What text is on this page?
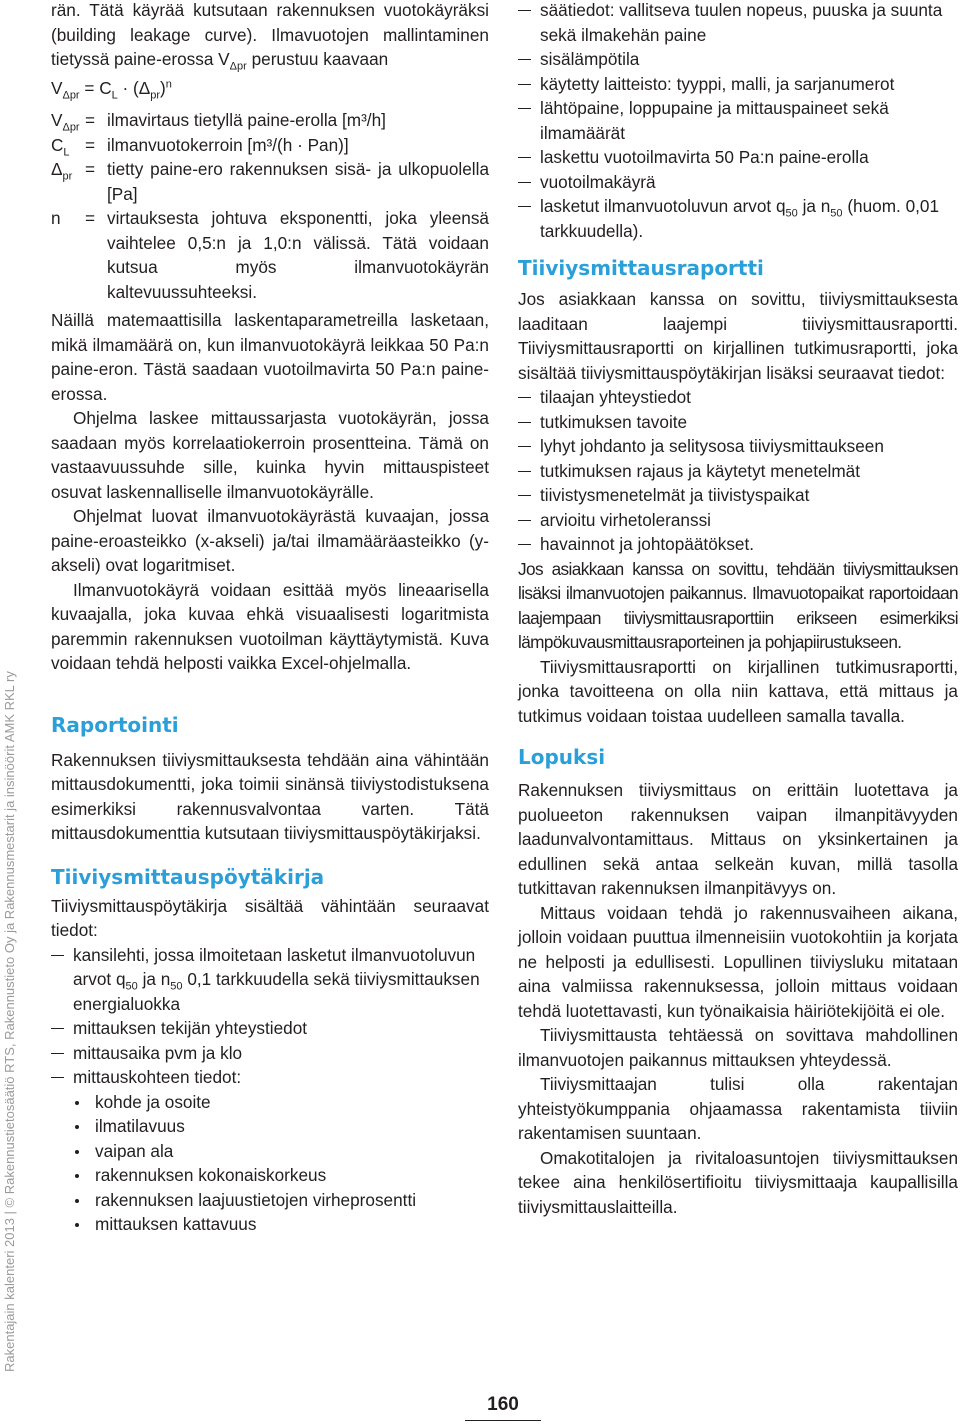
Rakentajain kalenteri 2013 | © Rakennustietosäätiö RTS, Rakennustieto Oy ja Rakennusmestarit ja insinöörit AMK RKL ry

rän. Tätä käyrää kutsutaan rakennuksen vuotokäyräksi (building leakage curve). Ilmavuotojen mallintaminen tietyssä paine-erossa $V_{\Delta pr}$ perustuu kaavaan

$V_{\Delta pr} = C_L \cdot (\Delta_{pr})^n$
$V_{\Delta pr}$	=	ilmavirtaus tietyllä paine-erolla [m³/h]
$C_L$	=	ilmanvuotokerroin [m³/(h · Pan)]
$\Delta_{pr}$	=	tietty paine-ero rakennuksen sisä- ja ulkopuolella [Pa]
n	=	virtauksesta johtuva eksponentti, joka yleensä vaihtelee 0,5:n ja 1,0:n välissä. Tätä voidaan kutsua myös ilmanvuotokäyrän kaltevuussuhteeksi.

Näillä matemaattisilla laskentaparametreilla lasketaan, mikä ilmamäärä on, kun ilmanvuotokäyrä leikkaa 50 Pa:n paine-eron. Tästä saadaan vuotoilmavirta 50 Pa:n paine-erossa.

Ohjelma laskee mittaussarjasta vuotokäyrän, jossa saadaan myös korrelaatiokerroin prosentteina. Tämä on vastaavuussuhde sille, kuinka hyvin mittauspisteet osuvat laskennalliselle ilmanvuotokäyrälle.

Ohjelmat luovat ilmanvuotokäyrästä kuvaajan, jossa paine-eroasteikko (x-akseli) ja/tai ilmamääräasteikko (y-akseli) ovat logaritmiset.

Ilmanvuotokäyrä voidaan esittää myös lineaarisella kuvaajalla, joka kuvaa ehkä visuaalisesti logaritmista paremmin rakennuksen vuotoilman käyttäytymistä. Kuva voidaan tehdä helposti vaikka Excel-ohjelmalla.

Raportointi

Rakennuksen tiiviysmittauksesta tehdään aina vähintään mittausdokumentti, joka toimii sinänsä tiiviystodistuksena esimerkiksi rakennusvalvontaa varten. Tätä mittausdokumenttia kutsutaan tiiviysmittauspöytäkirjaksi.

Tiiviysmittauspöytäkirja

Tiiviysmittauspöytäkirja sisältää vähintään seuraavat tiedot:

kansilehti, jossa ilmoitetaan lasketut ilmanvuotoluvun arvot $q_{50}$ ja $n_{50}$ 0,1 tarkkuudella sekä tiiviysmittauksen energialuokka
mittauksen tekijän yhteystiedot
mittausaika pvm ja klo
mittauskohteen tiedot:
kohde ja osoite
ilmatilavuus
vaipan ala
rakennuksen kokonaiskorkeus
rakennuksen laajuustietojen virheprosentti
mittauksen kattavuus
säätiedot: vallitseva tuulen nopeus, puuska ja suunta sekä ilmakehän paine
sisälämpötila
käytetty laitteisto: tyyppi, malli, ja sarjanumerot
lähtöpaine, loppupaine ja mittauspaineet sekä ilmamäärät
laskettu vuotoilmavirta 50 Pa:n paine-erolla
vuotoilmakäyrä
lasketut ilmanvuotoluvun arvot $q_{50}$ ja $n_{50}$ (huom. 0,01 tarkkuudella).
Tiiviysmittausraportti

Jos asiakkaan kanssa on sovittu, tiiviysmittauksesta laaditaan laajempi tiiviysmittausraportti. Tiiviysmittausraportti on kirjallinen tutkimusraportti, joka sisältää tiiviysmittauspöytäkirjan lisäksi seuraavat tiedot:

tilaajan yhteystiedot
tutkimuksen tavoite
lyhyt johdanto ja selitysosa tiiviysmittaukseen
tutkimuksen rajaus ja käytetyt menetelmät
tiivistysmenetelmät ja tiivistyspaikat
arvioitu virhetoleranssi
havainnot ja johtopäätökset.

Jos asiakkaan kanssa on sovittu, tehdään tiiviysmittauksen lisäksi ilmanvuotojen paikannus. Ilmavuotopaikat raportoidaan laajempaan tiiviysmittausraporttiin erikseen esimerkiksi lämpökuvausmittausraporteinen ja pohjapiirustukseen.

Tiiviysmittausraportti on kirjallinen tutkimusraportti, jonka tavoitteena on olla niin kattava, että mittaus ja tutkimus voidaan toistaa uudelleen samalla tavalla.

Lopuksi

Rakennuksen tiiviysmittaus on erittäin luotettava ja puolueeton rakennuksen vaipan ilmanpitävyyden laadunvalvontamittaus. Mittaus on yksinkertainen ja edullinen sekä antaa selkeän kuvan, millä tasolla tutkittavan rakennuksen ilmanpitävyys on.

Mittaus voidaan tehdä jo rakennusvaiheen aikana, jolloin voidaan puuttua ilmenneisiin vuotokohtiin ja korjata ne helposti ja edullisesti. Lopullinen tiiviysluku mitataan aina valmiissa rakennuksessa, jolloin mittaus voidaan tehdä luotettavasti, kun työnaikaisia häiriötekijöitä ei ole.

Tiiviysmittausta tehtäessä on sovittava mahdollinen ilmanvuotojen paikannus mittauksen yhteydessä.

Tiiviysmittaajan tulisi olla rakentajan yhteistyökumppania ohjaamassa rakentamista tiiviin rakentamisen suuntaan.

Omakotitalojen ja rivitaloasuntojen tiiviysmittauksen tekee aina henkilösertifioitu tiiviysmittaaja kaupallisilla tiiviysmittauslaitteilla.

160
